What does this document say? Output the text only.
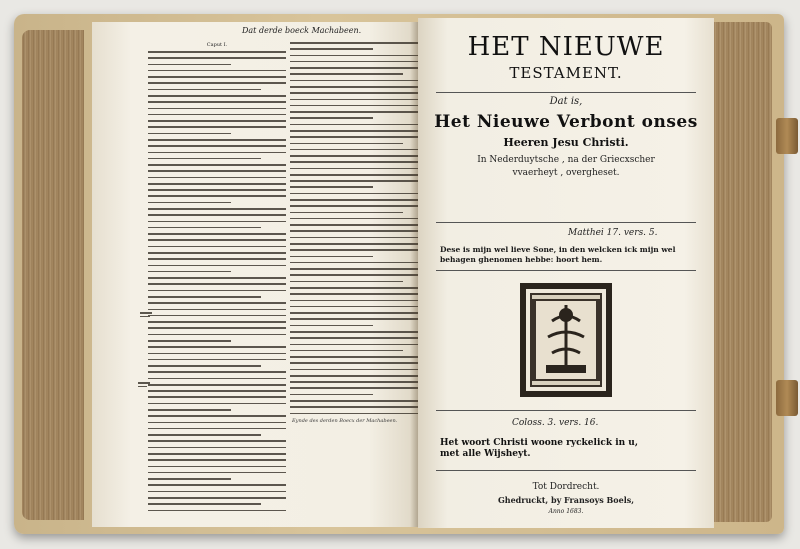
Dat derde boeck Machabeen.
Caput I.
Eynde des derden Boecx der Machabeen.
HET NIEUWE
TESTAMENT.
Dat is,
Het Nieuwe Verbont onses
Heeren Jesu Christi.
In Nederduytsche , na der Griecxscher
vvaerheyt , overgheset.
Matthei 17. vers. 5.
Dese is mijn wel lieve Sone, in den welcken ick mijn wel behagen ghenomen hebbe: hoort hem.
Coloss. 3. vers. 16.
Het woort Christi woone ryckelick in u,
met alle Wijsheyt.
Tot Dordrecht.
Ghedruckt, by Fransoys Boels,
Anno 1683.
